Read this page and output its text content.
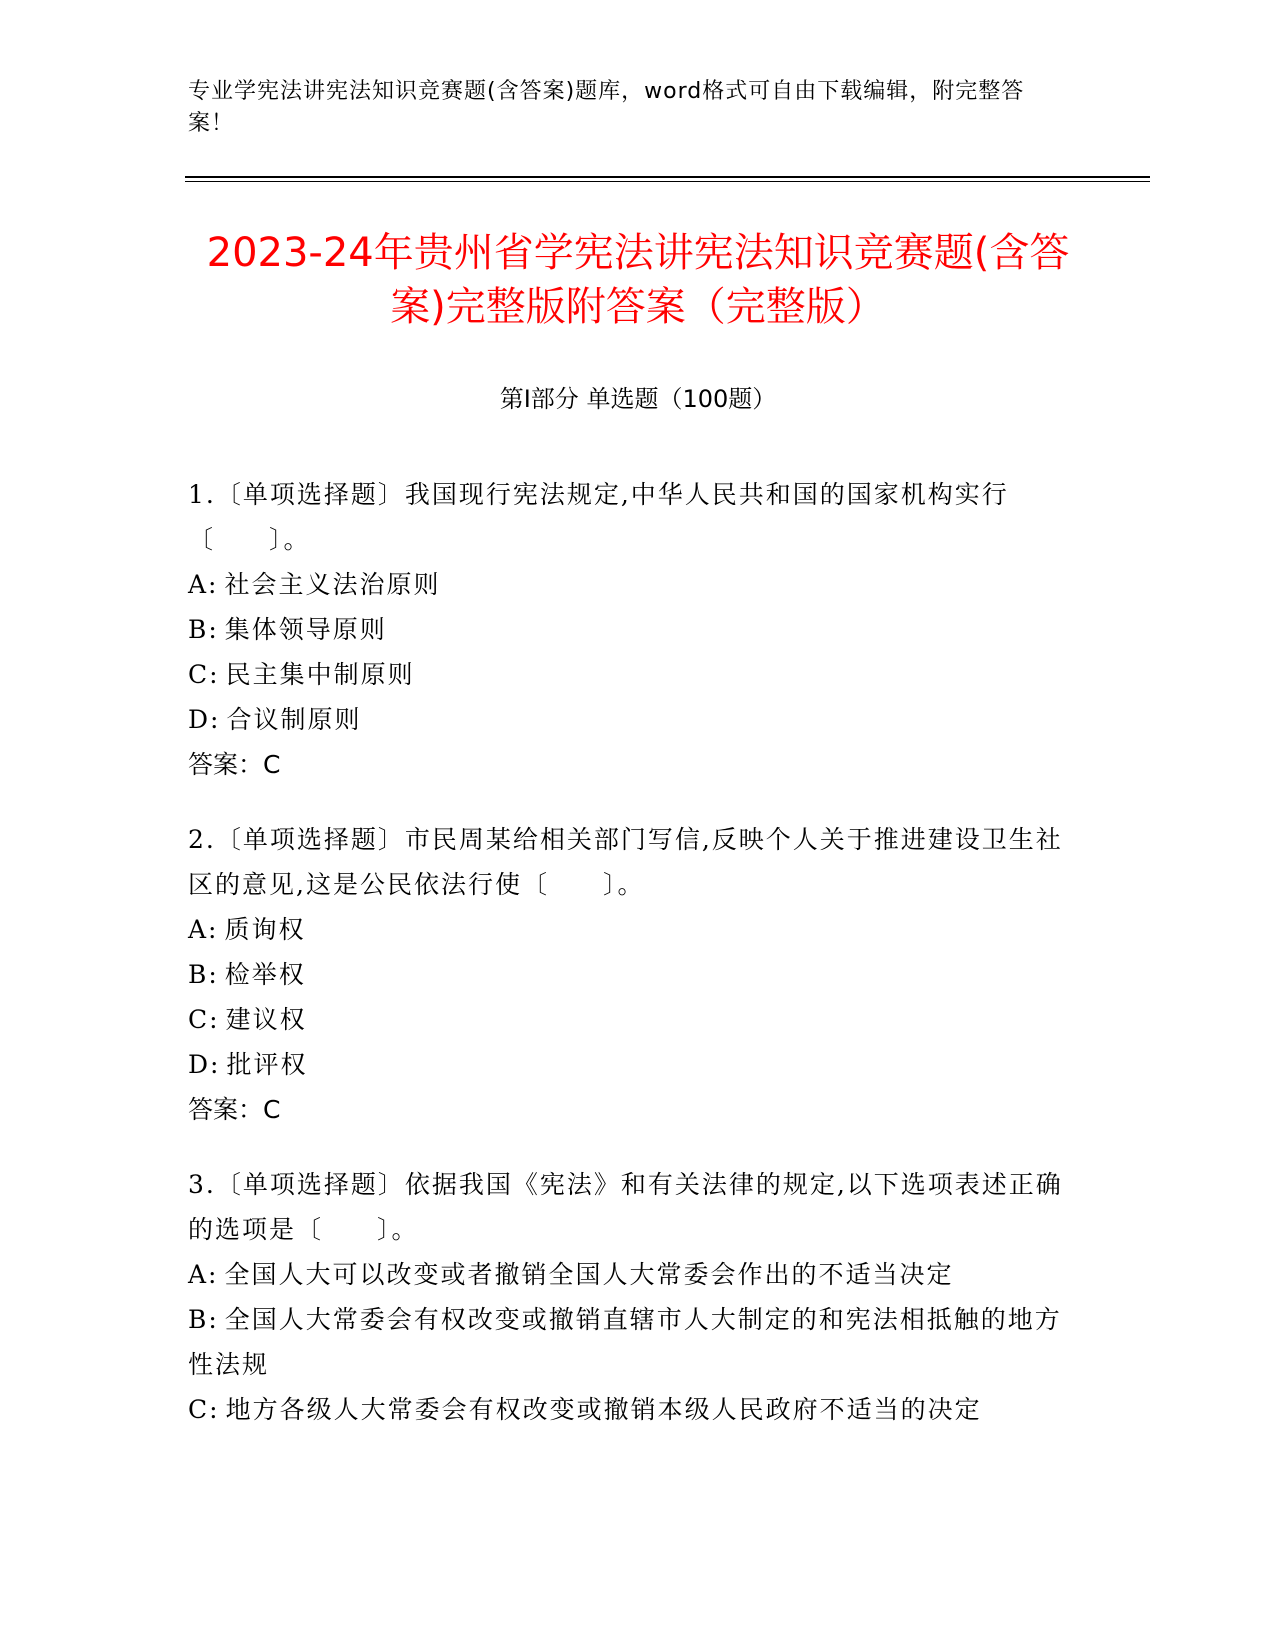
专业学宪法讲宪法知识竞赛题(含答案)题库，word格式可自由下载编辑，附完整答案！
2023-24年贵州省学宪法讲宪法知识竞赛题(含答案)完整版附答案（完整版）
第Ⅰ部分 单选题（100题）

1.〔单项选择题〕我国现行宪法规定,中华人民共和国的国家机构实行〔　　〕。

A: 社会主义法治原则

B: 集体领导原则

C: 民主集中制原则

D: 合议制原则

答案：C

2.〔单项选择题〕市民周某给相关部门写信,反映个人关于推进建设卫生社区的意见,这是公民依法行使〔　　〕。

A: 质询权

B: 检举权

C: 建议权

D: 批评权

答案：C

3.〔单项选择题〕依据我国《宪法》和有关法律的规定,以下选项表述正确的选项是〔　　〕。

A: 全国人大可以改变或者撤销全国人大常委会作出的不适当决定

B: 全国人大常委会有权改变或撤销直辖市人大制定的和宪法相抵触的地方性法规

C: 地方各级人大常委会有权改变或撤销本级人民政府不适当的决定
